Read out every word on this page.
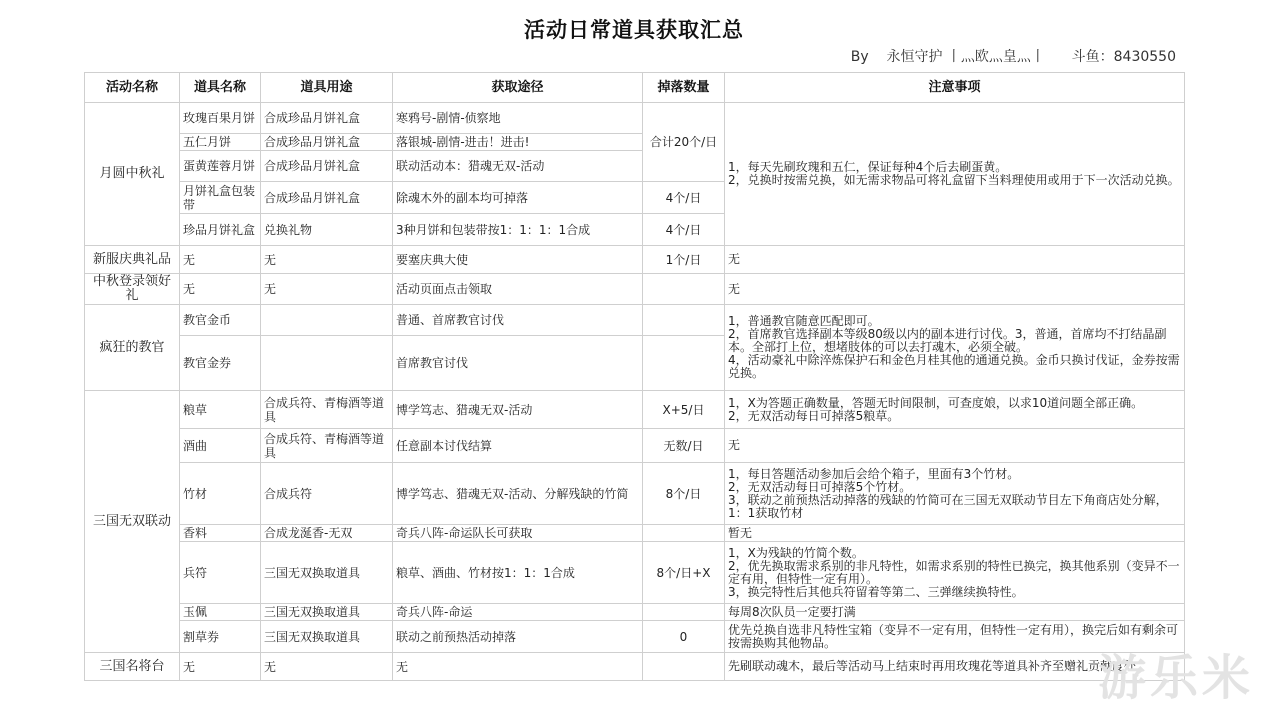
活动日常道具获取汇总
By    永恒守护 丨灬欧灬皇灬丨      斗鱼：8430550
活动名称	道具名称	道具用途	获取途径	掉落数量	注意事项
月圆中秋礼	玫瑰百果月饼	合成珍品月饼礼盒	寒鸦号-剧情-侦察地	合计20个/日	1，每天先刷玫瑰和五仁，保证每种4个后去刷蛋黄。
2，兑换时按需兑换，如无需求物品可将礼盒留下当料理使用或用于下一次活动兑换。

	五仁月饼	合成珍品月饼礼盒	落银城-剧情-进击！进击!		
	蛋黄莲蓉月饼	合成珍品月饼礼盒	联动活动本：猎魂无双-活动		
	月饼礼盒包装带	合成珍品月饼礼盒	除魂木外的副本均可掉落	4个/日	
	珍品月饼礼盒	兑换礼物	3种月饼和包装带按1：1：1：1合成	4个/日	
新服庆典礼品	无	无	要塞庆典大使	1个/日	无
中秋登录领好礼	无	无	活动页面点击领取		无
疯狂的教官	教官金币		普通、首席教官讨伐		1，普通教官随意匹配即可。
2，首席教官选择副本等级80级以内的副本进行讨伐。3，普通，首席均不打结晶副本。全部打上位，想堵肢体的可以去打魂木，必须全破。
4，活动豪礼中除淬炼保护石和金色月桂其他的通通兑换。金币只换讨伐证，金券按需兑换。

	教官金券		首席教官讨伐		
三国无双联动	粮草	合成兵符、青梅酒等道具	博学笃志、猎魂无双-活动	X+5/日	1，X为答题正确数量，答题无时间限制，可查度娘，以求10道问题全部正确。
2，无双活动每日可掉落5粮草。

	酒曲	合成兵符、青梅酒等道具	任意副本讨伐结算	无数/日	无
	竹材	合成兵符	博学笃志、猎魂无双-活动、分解残缺的竹简	8个/日	1，每日答题活动参加后会给个箱子，里面有3个竹材。
2，无双活动每日可掉落5个竹材。
3，联动之前预热活动掉落的残缺的竹简可在三国无双联动节目左下角商店处分解，1：1获取竹材

	香料	合成龙涎香-无双	奇兵八阵-命运队长可获取		暂无
	兵符	三国无双换取道具	粮草、酒曲、竹材按1：1：1合成	8个/日+X	1，X为残缺的竹简个数。
2，优先换取需求系别的非凡特性，如需求系别的特性已换完，换其他系别（变异不一定有用，但特性一定有用）。
3，换完特性后其他兵符留着等第二、三弹继续换特性。

	玉佩	三国无双换取道具	奇兵八阵-命运		每周8次队员一定要打满
	割草券	三国无双换取道具	联动之前预热活动掉落	0	优先兑换自选非凡特性宝箱（变异不一定有用，但特性一定有用），换完后如有剩余可按需换购其他物品。
三国名将台	无	无	无		先刷联动魂木，最后等活动马上结束时再用玫瑰花等道具补齐至赠礼贡献度处
游乐米
